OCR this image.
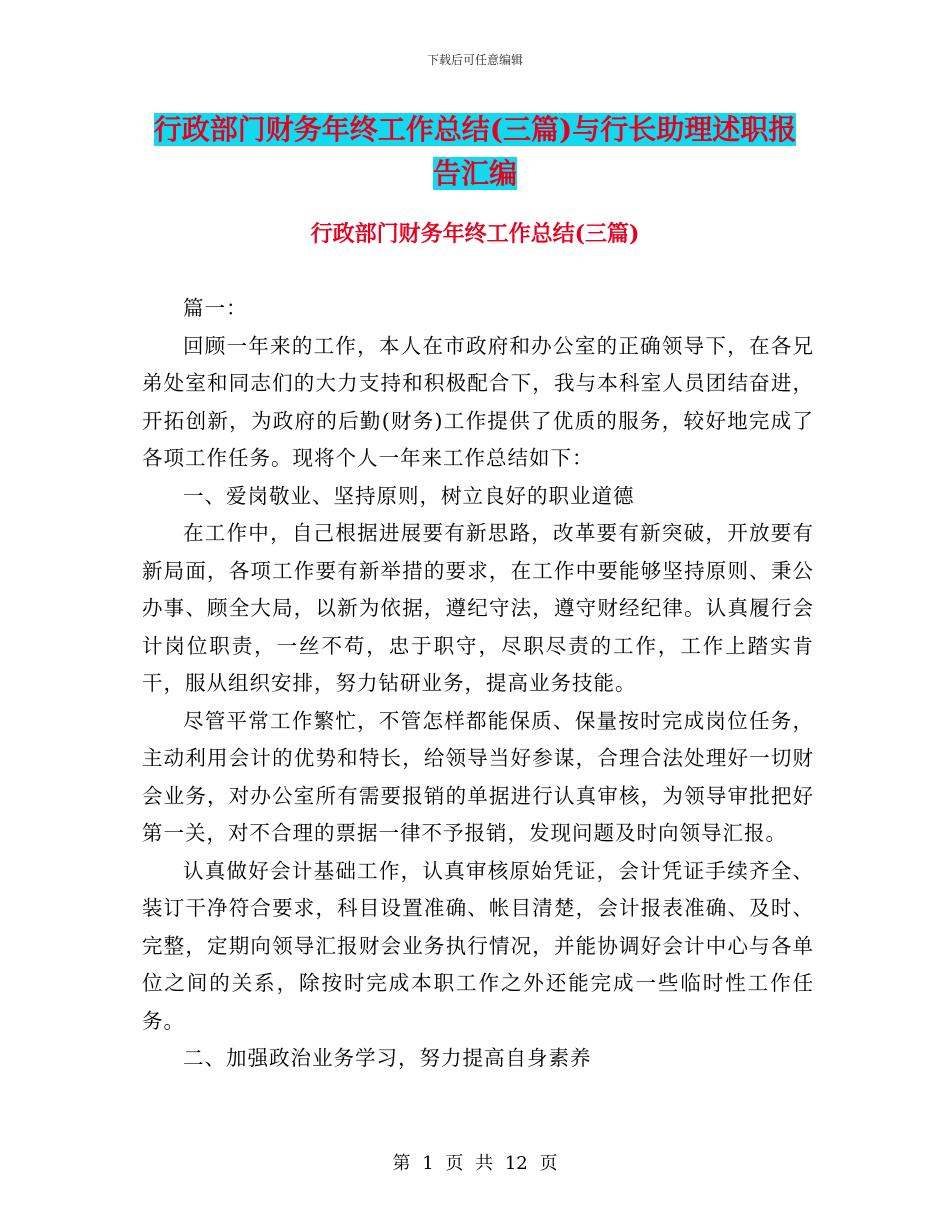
下载后可任意编辑
行政部门财务年终工作总结(三篇)与行长助理述职报告汇编
行政部门财务年终工作总结(三篇)

篇一：

回顾一年来的工作，本人在市政府和办公室的正确领导下，在各兄弟处室和同志们的大力支持和积极配合下，我与本科室人员团结奋进，开拓创新，为政府的后勤(财务)工作提供了优质的服务，较好地完成了各项工作任务。现将个人一年来工作总结如下：

一、爱岗敬业、坚持原则，树立良好的职业道德

在工作中，自己根据进展要有新思路，改革要有新突破，开放要有新局面，各项工作要有新举措的要求，在工作中要能够坚持原则、秉公办事、顾全大局，以新为依据，遵纪守法，遵守财经纪律。认真履行会计岗位职责，一丝不苟，忠于职守，尽职尽责的工作，工作上踏实肯干，服从组织安排，努力钻研业务，提高业务技能。

尽管平常工作繁忙，不管怎样都能保质、保量按时完成岗位任务，主动利用会计的优势和特长，给领导当好参谋，合理合法处理好一切财会业务，对办公室所有需要报销的单据进行认真审核，为领导审批把好第一关，对不合理的票据一律不予报销，发现问题及时向领导汇报。

认真做好会计基础工作，认真审核原始凭证，会计凭证手续齐全、装订干净符合要求，科目设置准确、帐目清楚，会计报表准确、及时、完整，定期向领导汇报财会业务执行情况，并能协调好会计中心与各单位之间的关系，除按时完成本职工作之外还能完成一些临时性工作任务。

二、加强政治业务学习，努力提高自身素养

第 1 页 共 12 页
